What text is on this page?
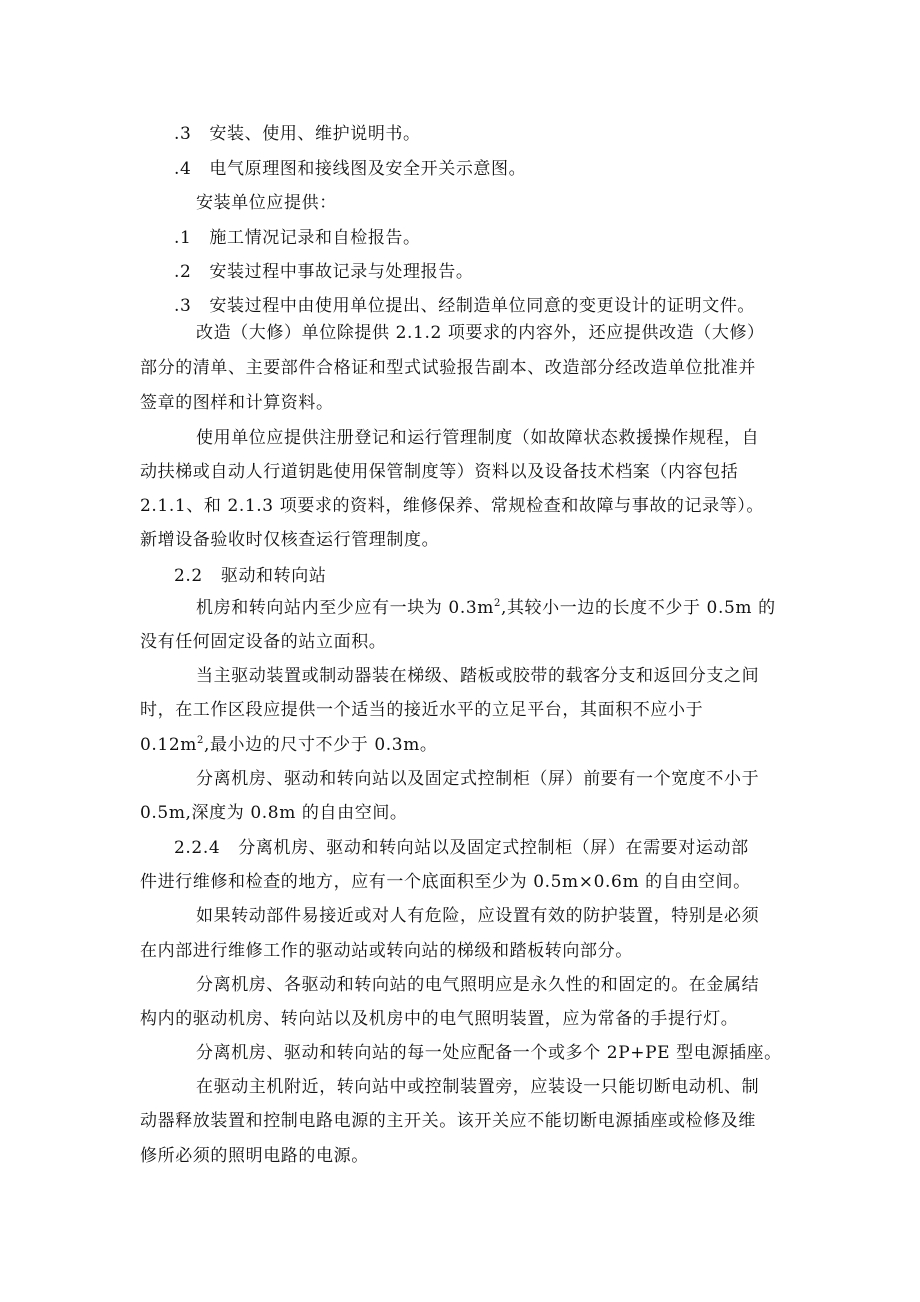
.3 安装、使用、维护说明书。
.4 电气原理图和接线图及安全开关示意图。
安装单位应提供：
.1 施工情况记录和自检报告。
.2 安装过程中事故记录与处理报告。
.3 安装过程中由使用单位提出、经制造单位同意的变更设计的证明文件。
改造（大修）单位除提供 2.1.2 项要求的内容外，还应提供改造（大修）
部分的清单、主要部件合格证和型式试验报告副本、改造部分经改造单位批准并
签章的图样和计算资料。
使用单位应提供注册登记和运行管理制度（如故障状态救援操作规程，自
动扶梯或自动人行道钥匙使用保管制度等）资料以及设备技术档案（内容包括
2.1.1、和 2.1.3 项要求的资料，维修保养、常规检查和故障与事故的记录等）。
新增设备验收时仅核查运行管理制度。
2.2 驱动和转向站
机房和转向站内至少应有一块为 $0.3m^2$,其较小一边的长度不少于 0.5m 的
没有任何固定设备的站立面积。
当主驱动装置或制动器装在梯级、踏板或胶带的载客分支和返回分支之间
时，在工作区段应提供一个适当的接近水平的立足平台，其面积不应小于
$0.12m^2$,最小边的尺寸不少于 0.3m。
分离机房、驱动和转向站以及固定式控制柜（屏）前要有一个宽度不小于
0.5m,深度为 0.8m 的自由空间。
2.2.4 分离机房、驱动和转向站以及固定式控制柜（屏）在需要对运动部
件进行维修和检查的地方，应有一个底面积至少为 0.5m×0.6m 的自由空间。
如果转动部件易接近或对人有危险，应设置有效的防护装置，特别是必须
在内部进行维修工作的驱动站或转向站的梯级和踏板转向部分。
分离机房、各驱动和转向站的电气照明应是永久性的和固定的。在金属结
构内的驱动机房、转向站以及机房中的电气照明装置，应为常备的手提行灯。
分离机房、驱动和转向站的每一处应配备一个或多个 2P+PE 型电源插座。
在驱动主机附近，转向站中或控制装置旁，应装设一只能切断电动机、制
动器释放装置和控制电路电源的主开关。该开关应不能切断电源插座或检修及维
修所必须的照明电路的电源。
